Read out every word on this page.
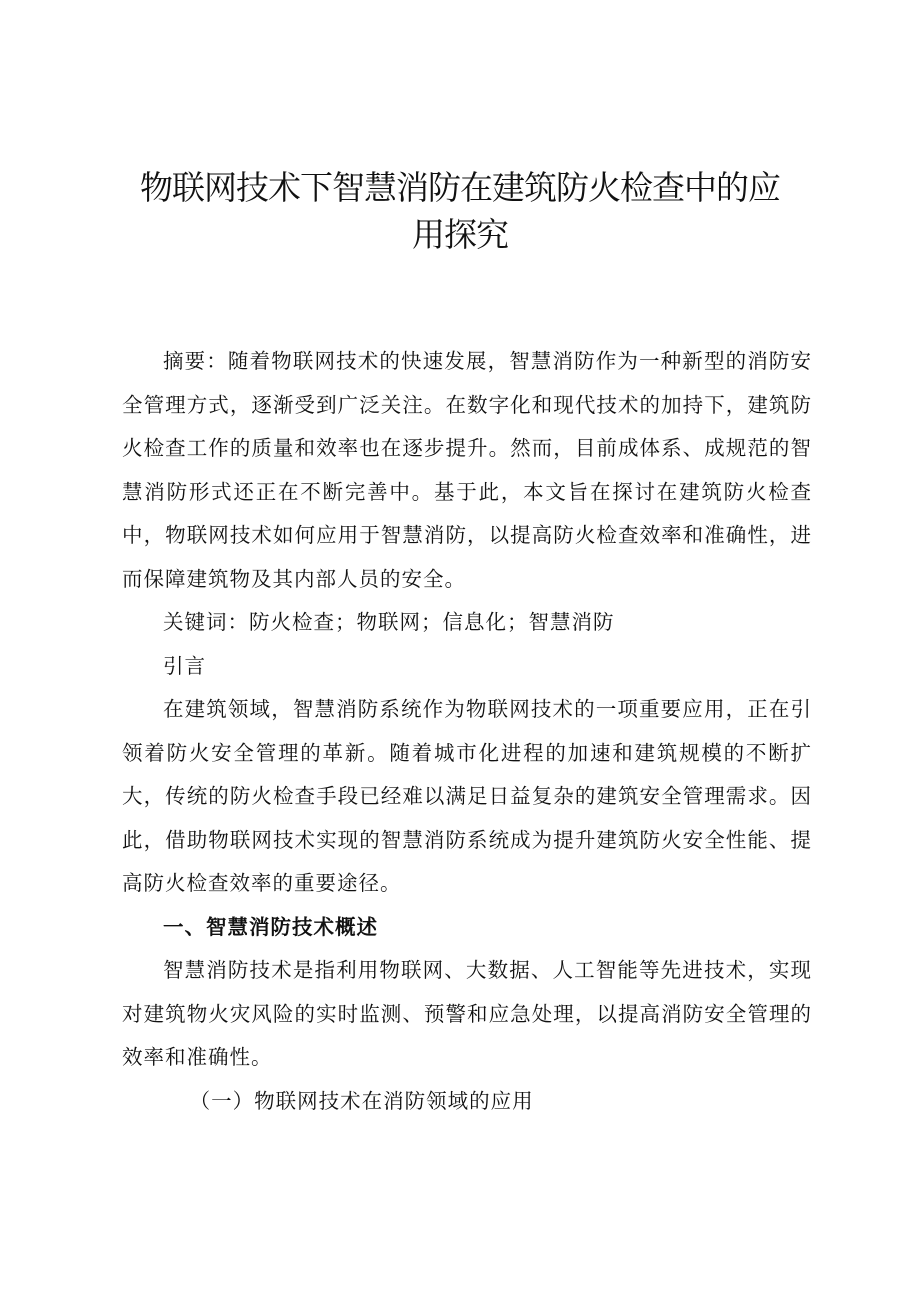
物联网技术下智慧消防在建筑防火检查中的应
用探究

摘要：随着物联网技术的快速发展，智慧消防作为一种新型的消防安全管理方式，逐渐受到广泛关注。在数字化和现代技术的加持下，建筑防火检查工作的质量和效率也在逐步提升。然而，目前成体系、成规范的智慧消防形式还正在不断完善中。基于此，本文旨在探讨在建筑防火检查中，物联网技术如何应用于智慧消防，以提高防火检查效率和准确性，进而保障建筑物及其内部人员的安全。

关键词：防火检查；物联网；信息化；智慧消防

引言

在建筑领域，智慧消防系统作为物联网技术的一项重要应用，正在引领着防火安全管理的革新。随着城市化进程的加速和建筑规模的不断扩大，传统的防火检查手段已经难以满足日益复杂的建筑安全管理需求。因此，借助物联网技术实现的智慧消防系统成为提升建筑防火安全性能、提高防火检查效率的重要途径。

一、智慧消防技术概述

智慧消防技术是指利用物联网、大数据、人工智能等先进技术，实现对建筑物火灾风险的实时监测、预警和应急处理，以提高消防安全管理的效率和准确性。

（一）物联网技术在消防领域的应用
